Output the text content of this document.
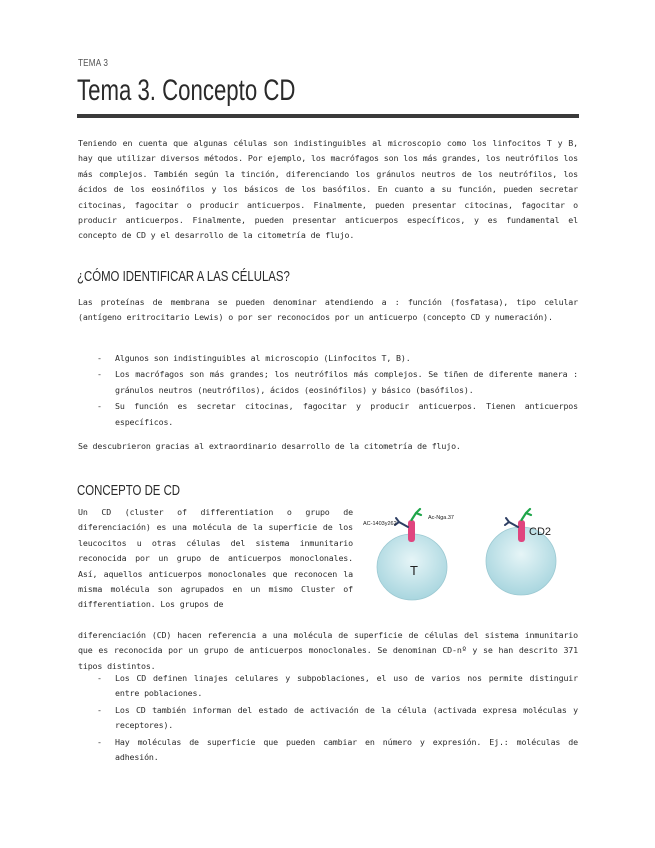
TEMA 3
Tema 3. Concepto CD

Teniendo en cuenta que algunas células son indistinguibles al microscopio como los linfocitos T y B, hay que utilizar diversos métodos. Por ejemplo, los macrófagos son los más grandes, los neutrófilos los más complejos. También según la tinción, diferenciando los gránulos neutros de los neutrófilos, los ácidos de los eosinófilos y los básicos de los basófilos. En cuanto a su función, pueden secretar citocinas, fagocitar o producir anticuerpos. Finalmente, pueden presentar citocinas, fagocitar o producir anticuerpos. Finalmente, pueden presentar anticuerpos específicos, y es fundamental el concepto de CD y el desarrollo de la citometría de flujo.

¿CÓMO IDENTIFICAR A LAS CÉLULAS?

Las proteínas de membrana se pueden denominar atendiendo a : función (fosfatasa), tipo celular (antígeno eritrocitario Lewis) o por ser reconocidos por un anticuerpo (concepto CD y numeración).

- Algunos son indistinguibles al microscopio (Linfocitos T, B).
- Los macrófagos son más grandes; los neutrófilos más complejos. Se tiñen de diferente manera : gránulos neutros (neutrófilos), ácidos (eosinófilos) y básico (basófilos).
- Su función es secretar citocinas, fagocitar y producir anticuerpos. Tienen anticuerpos específicos.

Se descubrieron gracias al extraordinario desarrollo de la citometría de flujo.

CONCEPTO DE CD

Un CD (cluster of differentiation o grupo de diferenciación) es una molécula de la superficie de los leucocitos u otras células del sistema inmunitario reconocida por un grupo de anticuerpos monoclonales. Así, aquellos anticuerpos monoclonales que reconocen la misma molécula son agrupados en un mismo Cluster of differentiation. Los grupos de

diferenciación (CD) hacen referencia a una molécula de superficie de células del sistema inmunitario que es reconocida por un grupo de anticuerpos monoclonales. Se denominan CD-nº y se han descrito 371 tipos distintos.

T
AC-1403y262
Ac-Nga.37
CD2
- Los CD definen linajes celulares y subpoblaciones, el uso de varios nos permite distinguir entre poblaciones.
- Los CD también informan del estado de activación de la célula (activada expresa moléculas y receptores).
- Hay moléculas de superficie que pueden cambiar en número y expresión. Ej.: moléculas de adhesión.
